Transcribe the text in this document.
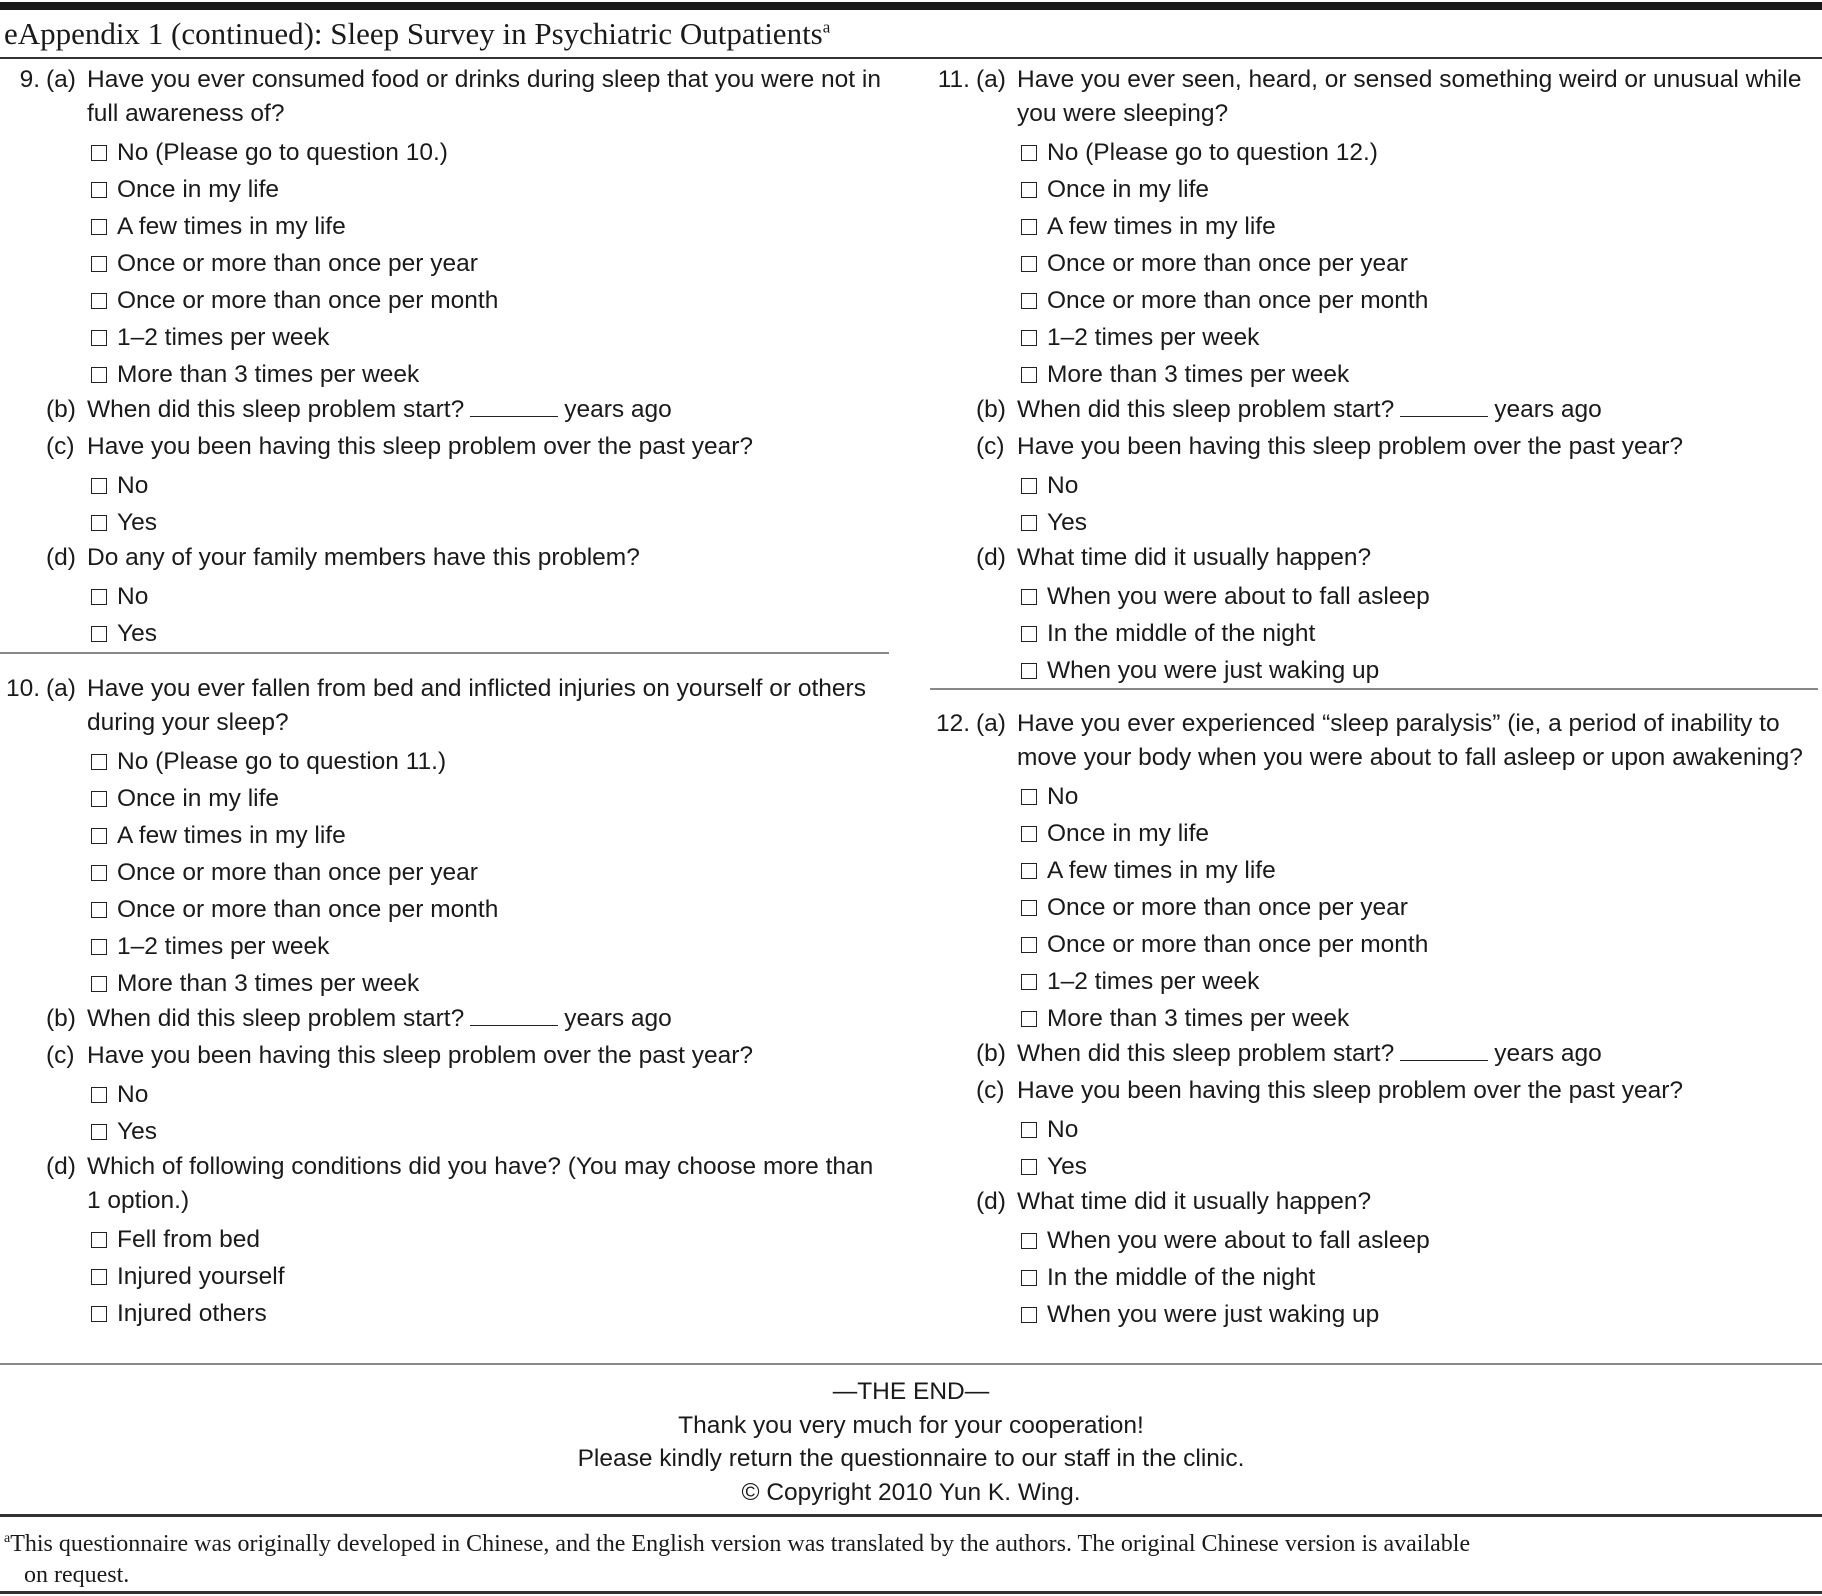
eAppendix 1 (continued): Sleep Survey in Psychiatric Outpatients$^a$
9. (a) Have you ever consumed food or drinks during sleep that you were not in full awareness of?
No (Please go to question 10.)
Once in my life
A few times in my life
Once or more than once per year
Once or more than once per month
1–2 times per week
More than 3 times per week
(b) When did this sleep problem start?	years ago
(c) Have you been having this sleep problem over the past year?
No
Yes
(d) Do any of your family members have this problem?
No
Yes
10. (a) Have you ever fallen from bed and inflicted injuries on yourself or others during your sleep?
No (Please go to question 11.)
Once in my life
A few times in my life
Once or more than once per year
Once or more than once per month
1–2 times per week
More than 3 times per week
(b) When did this sleep problem start?	years ago
(c) Have you been having this sleep problem over the past year?
No
Yes
(d) Which of following conditions did you have? (You may choose more than 1 option.)
Fell from bed
Injured yourself
Injured others
11. (a) Have you ever seen, heard, or sensed something weird or unusual while you were sleeping?
No (Please go to question 12.)
Once in my life
A few times in my life
Once or more than once per year
Once or more than once per month
1–2 times per week
More than 3 times per week
(b) When did this sleep problem start?	years ago
(c) Have you been having this sleep problem over the past year?
No
Yes
(d) What time did it usually happen?
When you were about to fall asleep
In the middle of the night
When you were just waking up
12. (a) Have you ever experienced “sleep paralysis” (ie, a period of inability to move your body when you were about to fall asleep or upon awakening?
No
Once in my life
A few times in my life
Once or more than once per year
Once or more than once per month
1–2 times per week
More than 3 times per week
(b) When did this sleep problem start?	years ago
(c) Have you been having this sleep problem over the past year?
No
Yes
(d) What time did it usually happen?
When you were about to fall asleep
In the middle of the night
When you were just waking up
—THE END—
Thank you very much for your cooperation!
Please kindly return the questionnaire to our staff in the clinic.
© Copyright 2010 Yun K. Wing.
$^a$This questionnaire was originally developed in Chinese, and the English version was translated by the authors. The original Chinese version is available
on request.
